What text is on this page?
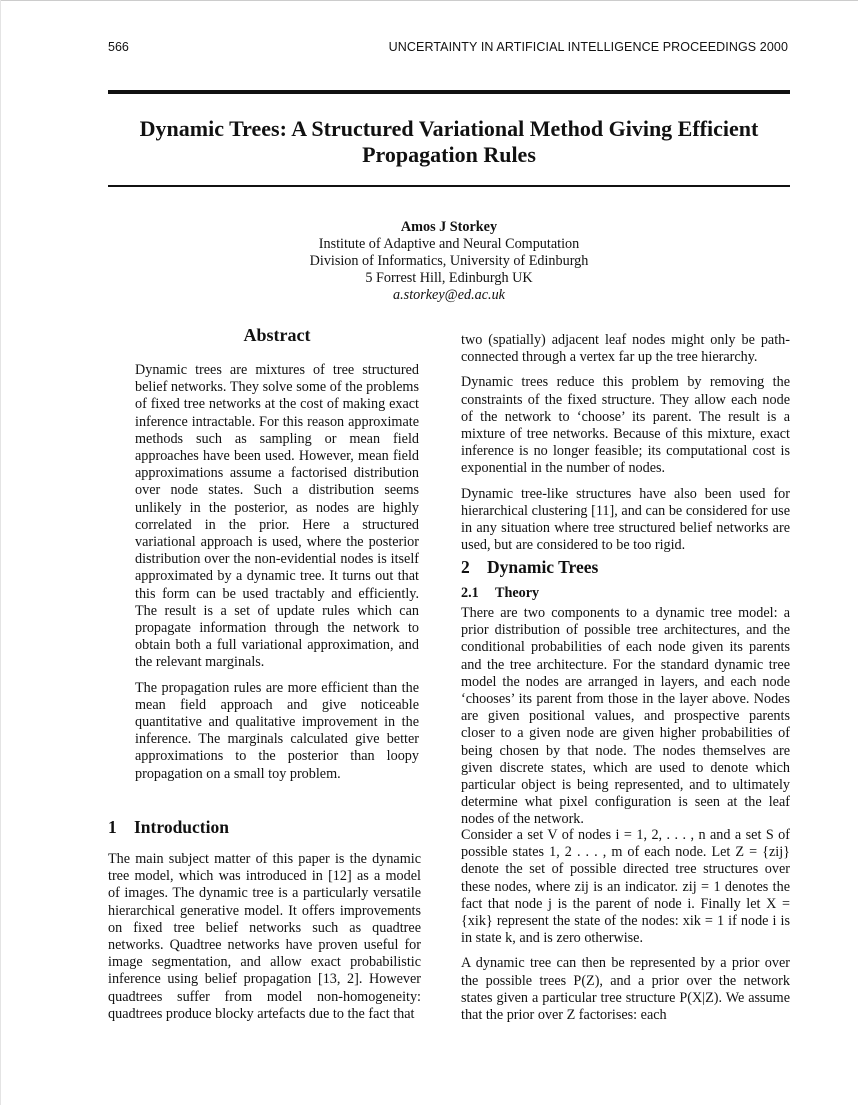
566	UNCERTAINTY IN ARTIFICIAL INTELLIGENCE PROCEEDINGS 2000
Dynamic Trees: A Structured Variational Method Giving Efficient
Propagation Rules
Amos J Storkey
Institute of Adaptive and Neural Computation
Division of Informatics, University of Edinburgh
5 Forrest Hill, Edinburgh UK
a.storkey@ed.ac.uk
Abstract

Dynamic trees are mixtures of tree structured belief networks. They solve some of the problems of fixed tree networks at the cost of making exact inference intractable. For this reason approximate methods such as sampling or mean field approaches have been used. However, mean field approximations assume a factorised distribution over node states. Such a distribution seems unlikely in the posterior, as nodes are highly correlated in the prior. Here a structured variational approach is used, where the posterior distribution over the non-evidential nodes is itself approximated by a dynamic tree. It turns out that this form can be used tractably and efficiently. The result is a set of update rules which can propagate information through the network to obtain both a full variational approximation, and the relevant marginals.

The propagation rules are more efficient than the mean field approach and give noticeable quantitative and qualitative improvement in the inference. The marginals calculated give better approximations to the posterior than loopy propagation on a small toy problem.

1 Introduction

The main subject matter of this paper is the dynamic tree model, which was introduced in [12] as a model of images. The dynamic tree is a particularly versatile hierarchical generative model. It offers improvements on fixed tree belief networks such as quadtree networks. Quadtree networks have proven useful for image segmentation, and allow exact probabilistic inference using belief propagation [13, 2]. However quadtrees suffer from model non-homogeneity: quadtrees produce blocky artefacts due to the fact that

two (spatially) adjacent leaf nodes might only be path-connected through a vertex far up the tree hierarchy.

Dynamic trees reduce this problem by removing the constraints of the fixed structure. They allow each node of the network to ‘choose’ its parent. The result is a mixture of tree networks. Because of this mixture, exact inference is no longer feasible; its computational cost is exponential in the number of nodes.

Dynamic tree-like structures have also been used for hierarchical clustering [11], and can be considered for use in any situation where tree structured belief networks are used, but are considered to be too rigid.

2 Dynamic Trees
2.1 Theory

There are two components to a dynamic tree model: a prior distribution of possible tree architectures, and the conditional probabilities of each node given its parents and the tree architecture. For the standard dynamic tree model the nodes are arranged in layers, and each node ‘chooses’ its parent from those in the layer above. Nodes are given positional values, and prospective parents closer to a given node are given higher probabilities of being chosen by that node. The nodes themselves are given discrete states, which are used to denote which particular object is being represented, and to ultimately determine what pixel configuration is seen at the leaf nodes of the network.

Consider a set V of nodes i = 1, 2, . . . , n and a set S of possible states 1, 2 . . . , m of each node. Let Z = {zij} denote the set of possible directed tree structures over these nodes, where zij is an indicator. zij = 1 denotes the fact that node j is the parent of node i. Finally let X = {xik} represent the state of the nodes: xik = 1 if node i is in state k, and is zero otherwise.

A dynamic tree can then be represented by a prior over the possible trees P(Z), and a prior over the network states given a particular tree structure P(X|Z). We assume that the prior over Z factorises: each
